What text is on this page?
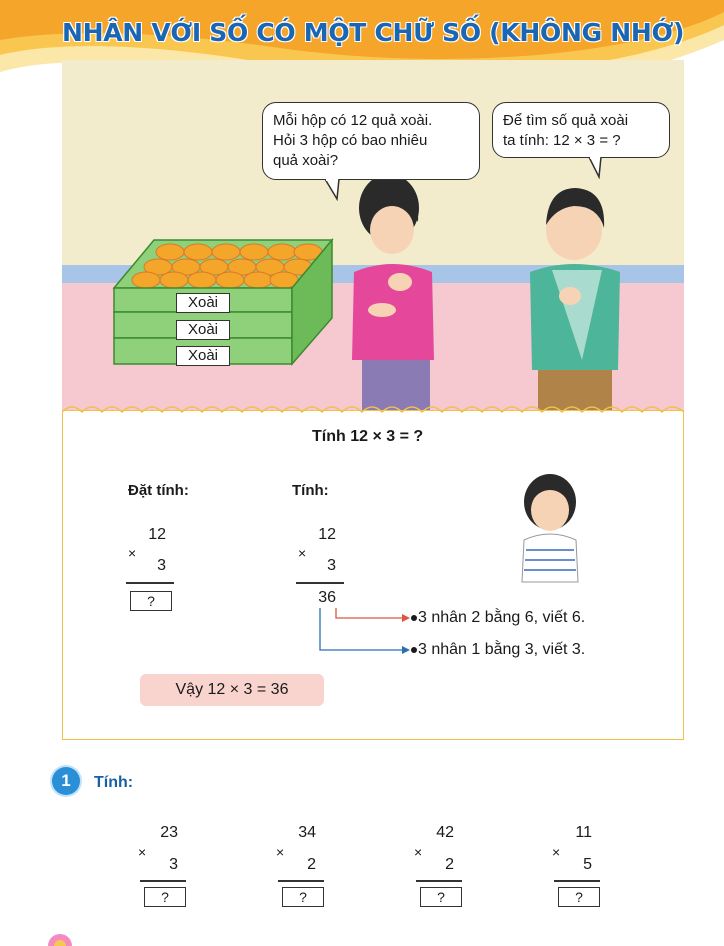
NHÂN VỚI SỐ CÓ MỘT CHỮ SỐ (KHÔNG NHỚ)
Mỗi hộp có 12 quả xoài.
Hỏi 3 hộp có bao nhiêu
quả xoài?
Để tìm số quả xoài
ta tính: 12 × 3 = ?
Xoài
Xoài
Xoài
Tính 12 × 3 = ?
Đặt tính:	Tính:
12
×
3
?
12
×
3
36
3 nhân 2 bằng 6, viết 6.
3 nhân 1 bằng 3, viết 3.
Vậy 12 × 3 = 36
1	Tính:
23
×
3
?
34
×
2
?
42
×
2
?
11
×
5
?
